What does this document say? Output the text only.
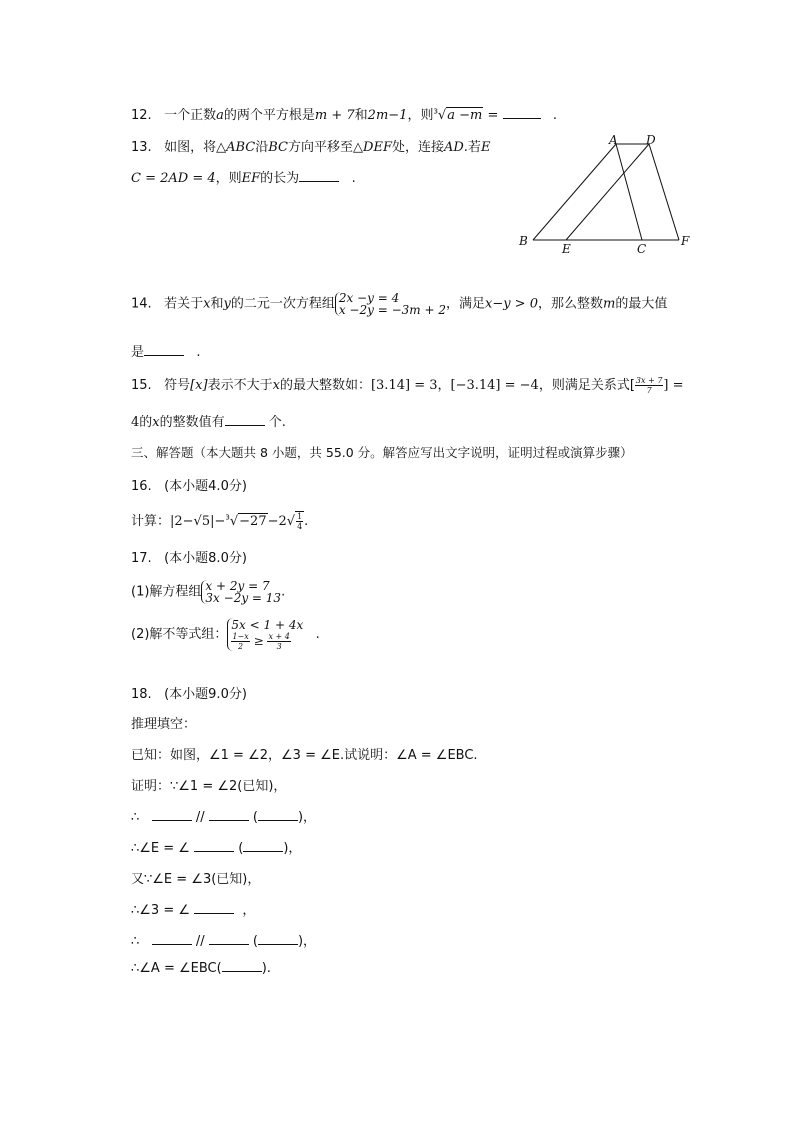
12. 一个正数a的两个平方根是m + 7和2m−1，则$^3$√a −m =	.
13. 如图，将△ABC沿BC方向平移至△DEF处，连接AD.若E
C = 2AD = 4，则EF的长为	.
A D
B
E	C
F
14. 若关于x和y的二元一次方程组 2x −y = 4
x −2y = −3m + 2 ，满足x−y > 0，那么整数m的最大值
是	.
15. 符号[x]表示不大于x的最大整数如：[3.14] = 3，[−3.14] = −4，则满足关系式[ $\frac{3x + 7}{7}$ ] =
4的x的整数值有	个.
三、解答题（本大题共 8 小题，共 55.0 分。解答应写出文字说明，证明过程或演算步骤）
16. (本小题4.0分)
计算：$|2-√5|-^3√-27-2√ \frac{1}{4}$ .
17. (本小题8.0分)
(1)解方程组 x + 2y = 7
3x −2y = 13 .
(2)解不等式组：
5x < 1 + 4x
$\frac{1-x}{2} \ge \frac{x + 4}{3}$ .
18. (本小题9.0分)
推理填空：
已知：如图，∠1 = ∠2，∠3 = ∠E.试说明：∠A = ∠EBC.
证明：∵∠1 = ∠2(已知)，
∴	//	(	)，
∴∠E = ∠	(	)，
又∵∠E = ∠3(已知)，
∴∠3 = ∠	，
∴	//	(	)，
∴∠A = ∠EBC(	).
